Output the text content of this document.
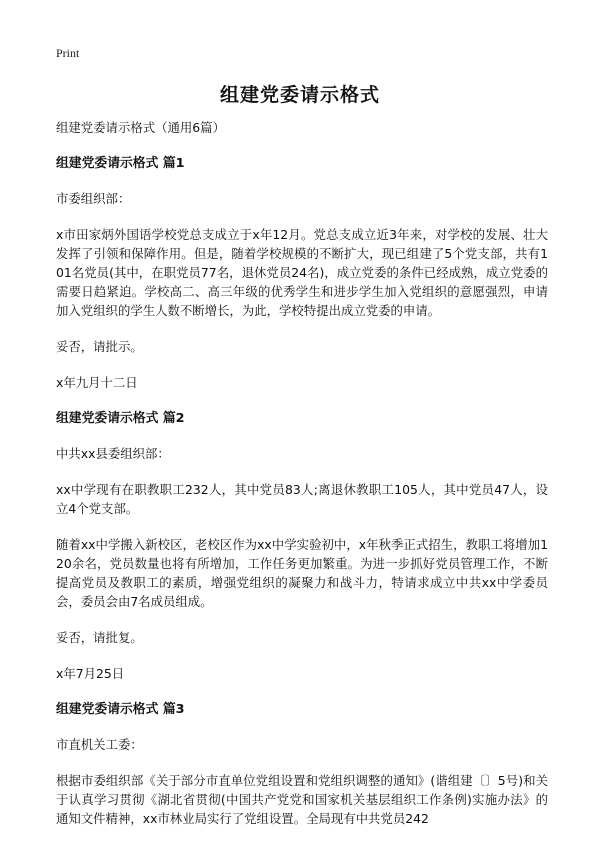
Print
组建党委请示格式

组建党委请示格式（通用6篇）

组建党委请示格式 篇1

市委组织部：

x市田家炳外国语学校党总支成立于x年12月。党总支成立近3年来，对学校的发展、壮大发挥了引领和保障作用。但是，随着学校规模的不断扩大，现已组建了5个党支部，共有101名党员(其中，在职党员77名，退休党员24名)，成立党委的条件已经成熟，成立党委的需要日趋紧迫。学校高二、高三年级的优秀学生和进步学生加入党组织的意愿强烈，申请加入党组织的学生人数不断增长，为此，学校特提出成立党委的申请。

妥否，请批示。

x年九月十二日

组建党委请示格式 篇2

中共xx县委组织部：

xx中学现有在职教职工232人，其中党员83人;离退休教职工105人，其中党员47人，设立4个党支部。

随着xx中学搬入新校区，老校区作为xx中学实验初中，x年秋季正式招生，教职工将增加120余名，党员数量也将有所增加，工作任务更加繁重。为进一步抓好党员管理工作，不断提高党员及教职工的素质，增强党组织的凝聚力和战斗力，特请求成立中共xx中学委员会，委员会由7名成员组成。

妥否，请批复。

x年7月25日

组建党委请示格式 篇3

市直机关工委：

根据市委组织部《关于部分市直单位党组设置和党组织调整的通知》(谐组建〔〕5号)和关于认真学习贯彻《湖北省贯彻(中国共产党党和国家机关基层组织工作条例)实施办法》的通知文件精神，xx市林业局实行了党组设置。全局现有中共党员242
